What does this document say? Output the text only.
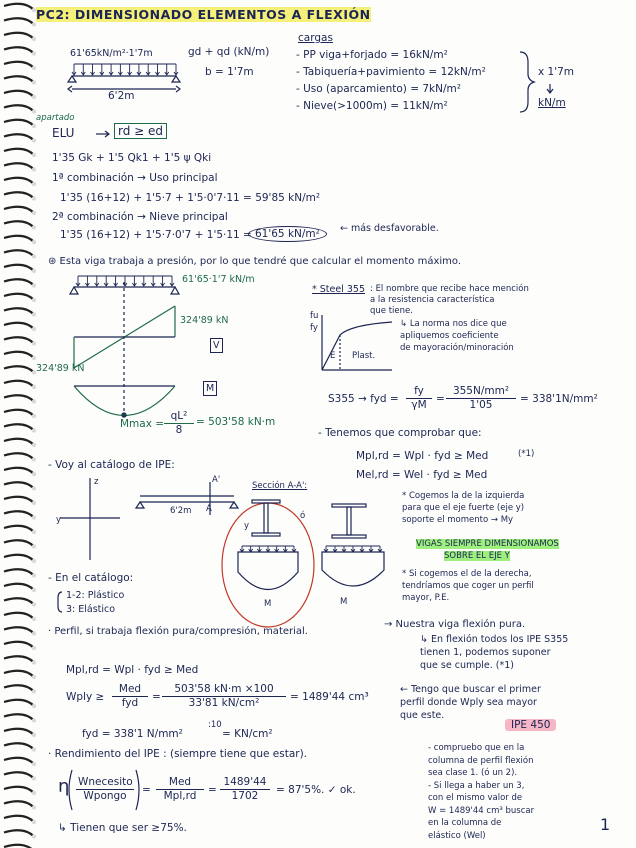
PC2: DIMENSIONADO ELEMENTOS A FLEXIÓN
61'65kN/m²·1'7m	gd + qd (kN/m)
b = 1'7m
6'2m
cargas
- PP viga+forjado = 16kN/m²
- Tabiquería+pavimiento = 12kN/m²
- Uso (aparcamiento) = 7kN/m²
- Nieve(>1000m) = 11kN/m²
x 1'7m
kN/m
apartado
ELU	rd ≥ ed
1'35 Gk + 1'5 Qk1 + 1'5 ψ Qki
1ª combinación → Uso principal
1'35 (16+12) + 1'5·7 + 1'5·0'7·11 = 59'85 kN/m²
2ª combinación → Nieve principal
1'35 (16+12) + 1'5·7·0'7 + 1'5·11 = 61'65 kN/m²	← más desfavorable.
⊛ Esta viga trabaja a presión, por lo que tendré que calcular el momento máximo.
61'65·1'7 kN/m
324'89 kN
324'89 kN
V
M
$Mmax = \frac{\text{qL²}}{8} = 503'58$ kN·m
* Steel 355 : El nombre que recibe hace mención
a la resistencia característica
que tiene.
fu
fy
E Plast.
↳ La norma nos dice que
apliquemos coeficiente
de mayoración/minoración
S355 → fyd = $\frac{fy}{\gamma M} = \frac{\text{355N/mm²}}{1'05} = 338'1N/mm^2$
- Tenemos que comprobar que:
Mpl,rd = Wpl · fyd ≥ Med	(*1)
Mel,rd = Wel · fyd ≥ Med
- Voy al catálogo de IPE:
z
y
6'2m A
A'
Sección A-A':
ó
y
M	M
* Cogemos la de la izquierda
para que el eje fuerte (eje y)
soporte el momento → My
VIGAS SIEMPRE DIMENSIONAMOS
SOBRE EL EJE Y
* Si cogemos el de la derecha,
tendríamos que coger un perfil
mayor, P.E.
- En el catálogo:
1-2: Plástico
3: Elástico
· Perfil, si trabaja flexión pura/compresión, material.
→ Nuestra viga flexión pura.
↳ En flexión todos los IPE S355
tienen 1, podemos suponer
que se cumple. (*1)
Mpl,rd = Wpl · fyd ≥ Med
Wply ≥
Med
fyd	= $\frac{503'58 kN\cdot m \times 100}{\text{33'81 kN/cm²}} = 1489'44$ cm³
← Tengo que buscar el primer
perfil donde Wply sea mayor
que este.
IPE 450
fyd = 338'1 N/mm²
:10
= KN/cm²
· Rendimiento del IPE : (siempre tiene que estar).
η Wnecesito
Wpongo	=
Med
Mpl,rd	= $\frac{1489'44}{1702} = 87'5\%$. ✓ ok.
↳ Tienen que ser ≥75%.
- compruebo que en la
columna de perfil flexión
sea clase 1. (ó un 2).
- Si llega a haber un 3,
con el mismo valor de
W = 1489'44 cm³ buscar
en la columna de
elástico (Wel)
1
